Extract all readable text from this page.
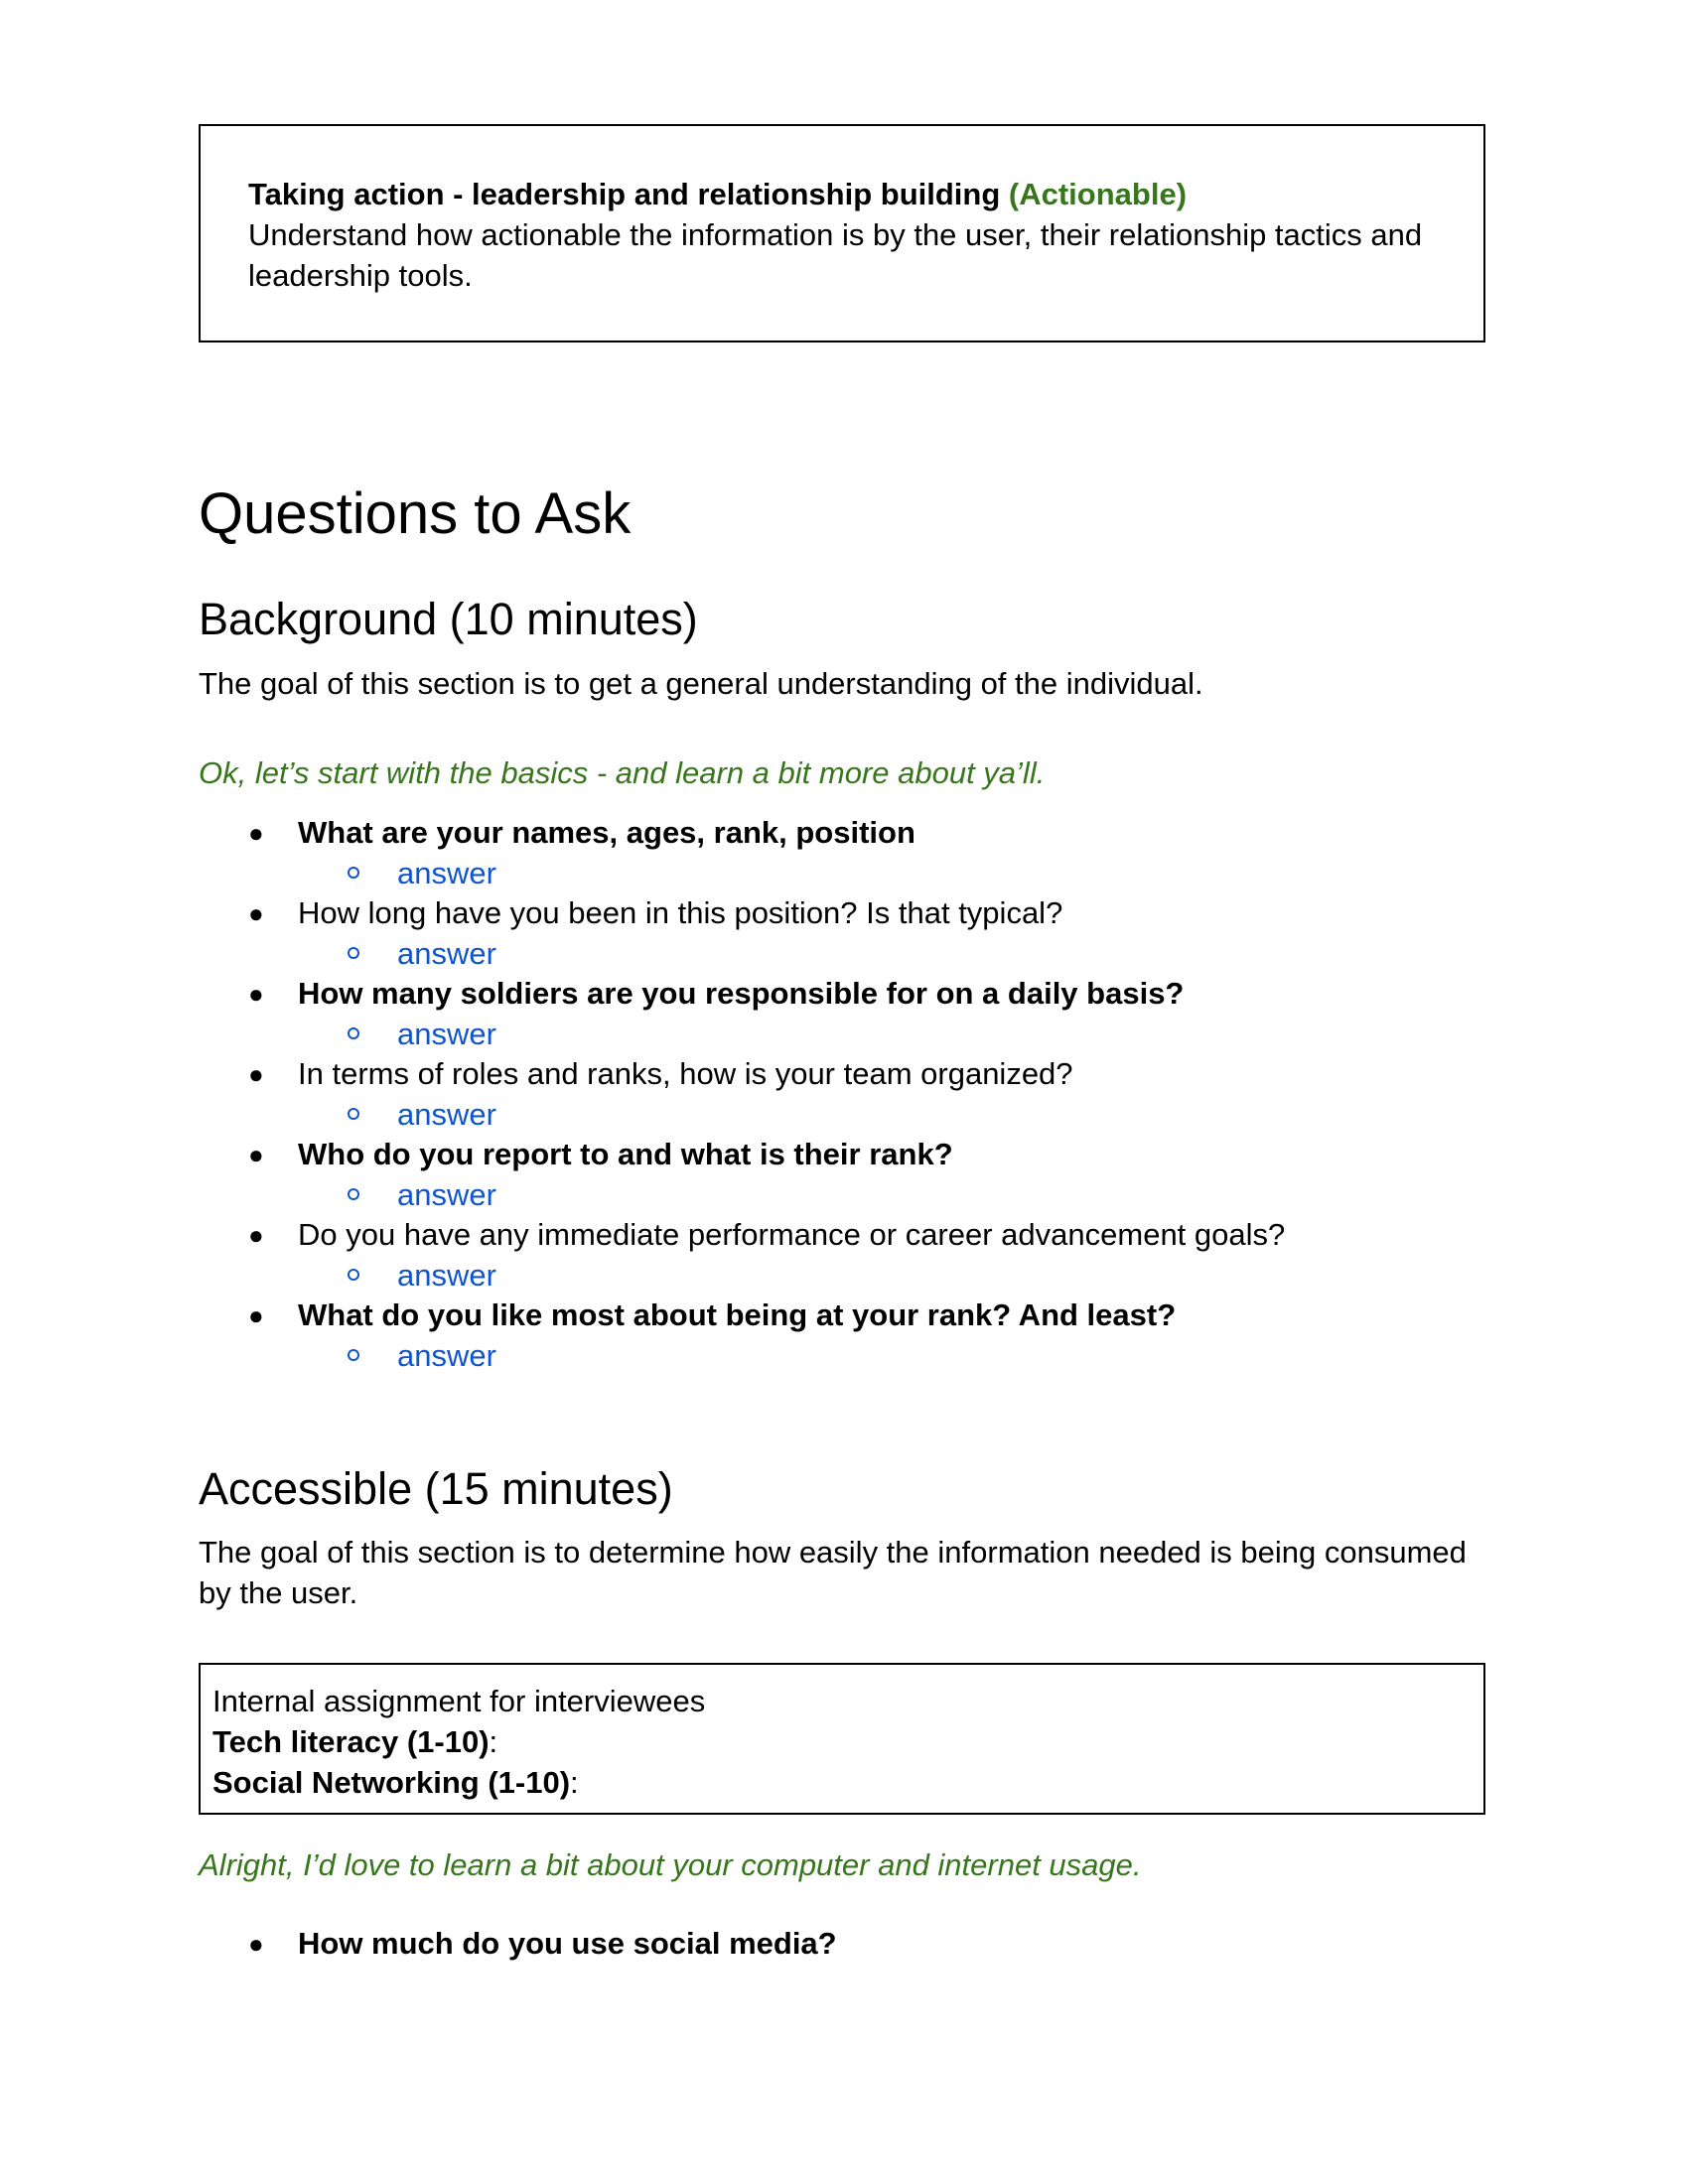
Taking action - leadership and relationship building (Actionable)
Understand how actionable the information is by the user, their relationship tactics and leadership tools.
Questions to Ask
Background (10 minutes)

The goal of this section is to get a general understanding of the individual.

Ok, let’s start with the basics - and learn a bit more about ya’ll.

● What are your names, ages, rank, position
answer
● How long have you been in this position? Is that typical?
answer
● How many soldiers are you responsible for on a daily basis?
answer
● In terms of roles and ranks, how is your team organized?
answer
● Who do you report to and what is their rank?
answer
● Do you have any immediate performance or career advancement goals?
answer
● What do you like most about being at your rank? And least?
answer
Accessible (15 minutes)

The goal of this section is to determine how easily the information needed is being consumed by the user.

Internal assignment for interviewees
Tech literacy (1-10):
Social Networking (1-10):

Alright, I’d love to learn a bit about your computer and internet usage.

● How much do you use social media?
